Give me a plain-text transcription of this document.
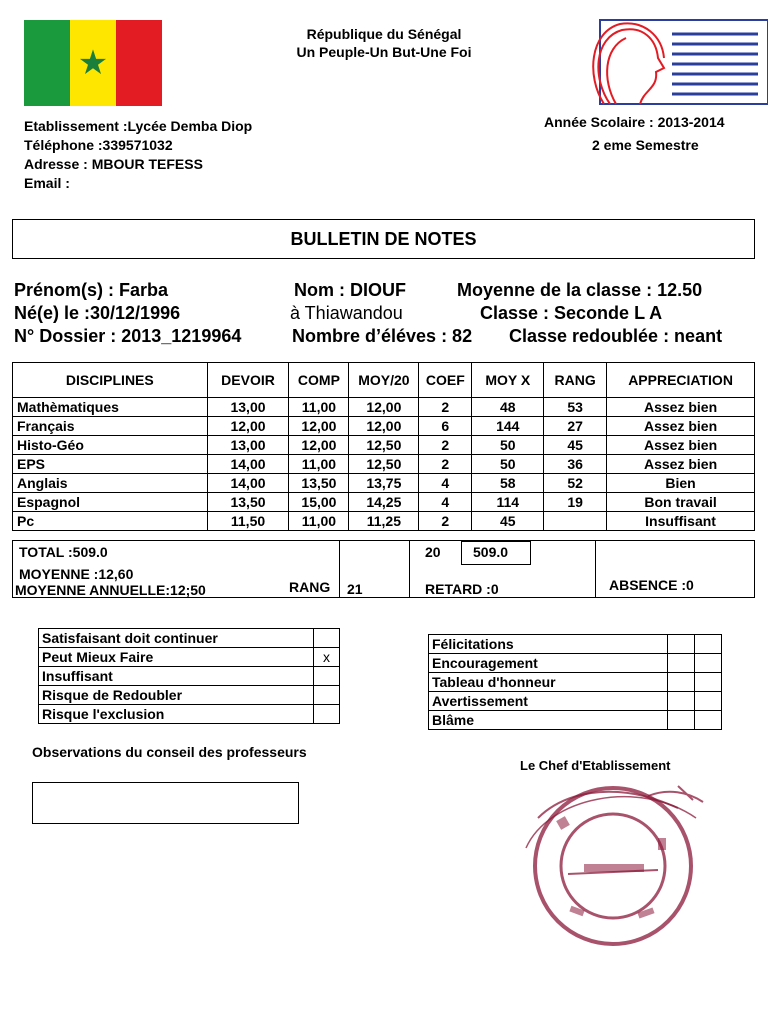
★
République du Sénégal
Un Peuple-Un But-Une Foi
Etablissement :Lycée Demba Diop
Téléphone :339571032
Adresse : MBOUR TEFESS
Email :
Année Scolaire : 2013-2014
2 eme Semestre
BULLETIN DE NOTES
Prénom(s) : Farba	Nom : DIOUF	Moyenne de la classe : 12.50
Né(e) le :30/12/1996	à Thiawandou	Classe : Seconde L A
N° Dossier : 2013_1219964	Nombre d’éléves : 82 Classe redoublée : neant
DISCIPLINES	DEVOIR	COMP	MOY/20	COEF	MOY X	RANG	APPRECIATION
Mathèmatiques	13,00	11,00	12,00	2	48	53	Assez bien
Français	12,00	12,00	12,00	6	144	27	Assez bien
Histo-Géo	13,00	12,00	12,50	2	50	45	Assez bien
EPS	14,00	11,00	12,50	2	50	36	Assez bien
Anglais	14,00	13,50	13,75	4	58	52	Bien
Espagnol	13,50	15,00	14,25	4	114	19	Bon travail
Pc	11,50	11,00	11,25	2	45		Insuffisant
TOTAL :509.0	20 509.0
MOYENNE :12,60
MOYENNE ANNUELLE:12;50	RANG 21	RETARD :0	ABSENCE :0
Satisfaisant doit continuer	
Peut Mieux Faire	x
Insuffisant	
Risque de Redoubler	
Risque l'exclusion	
Félicitations		
Encouragement		
Tableau d'honneur		
Avertissement		
Blâme		
Observations du conseil des professeurs
Le Chef d'Etablissement
